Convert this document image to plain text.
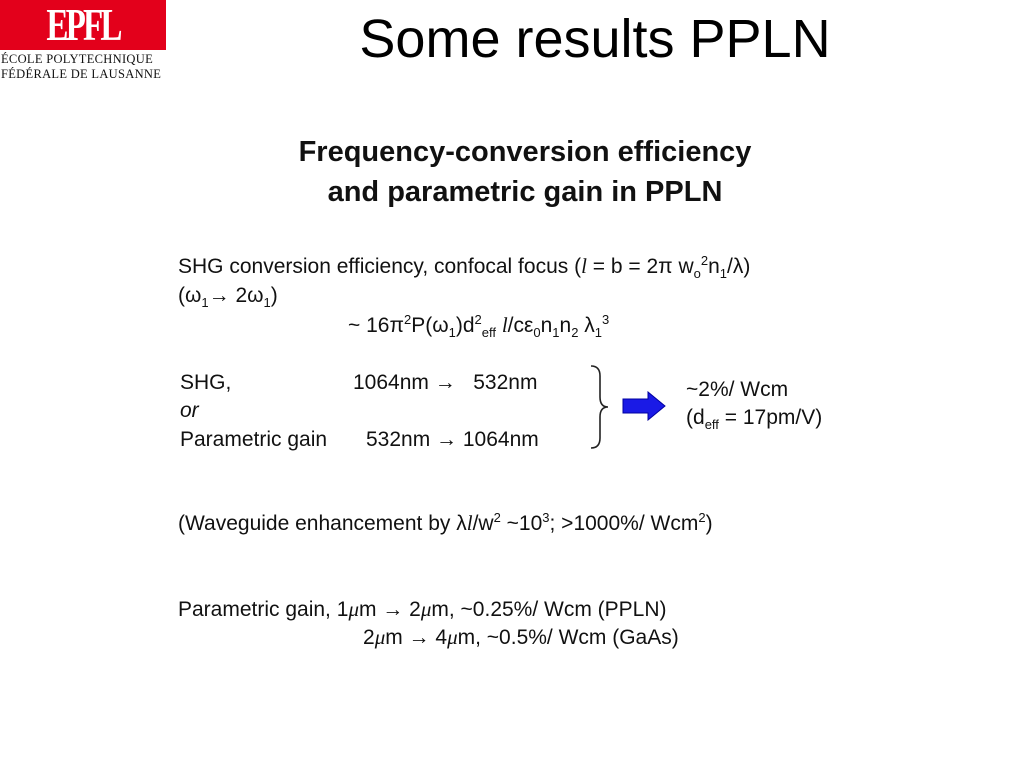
EPFL
ÉCOLE POLYTECHNIQUE
FÉDÉRALE DE LAUSANNE
Some results PPLN
Frequency-conversion efficiency
and parametric gain in PPLN
SHG conversion efficiency, confocal focus (l = b = 2π $w_o^2n_1/\lambda$)
$(\omega_1\to 2\omega_1)$
~ $16\pi^2P(\omega_1)d^2_{eff}$ $l/c\varepsilon_0n_1n_2$ $\lambda_1^3$
SHG,	1064nm →   532nm
or
Parametric gain 532nm → 1064nm
~2%/ Wcm
$(d_{eff} = 17pm/V)$
(Waveguide enhancement by $\lambda l/w^2$ $\sim 10^3$; >1000%/ Wcm$^2$)
Parametric gain, 1μm → 2μm, ~0.25%/ Wcm (PPLN)
2μm → 4μm, ~0.5%/ Wcm (GaAs)
